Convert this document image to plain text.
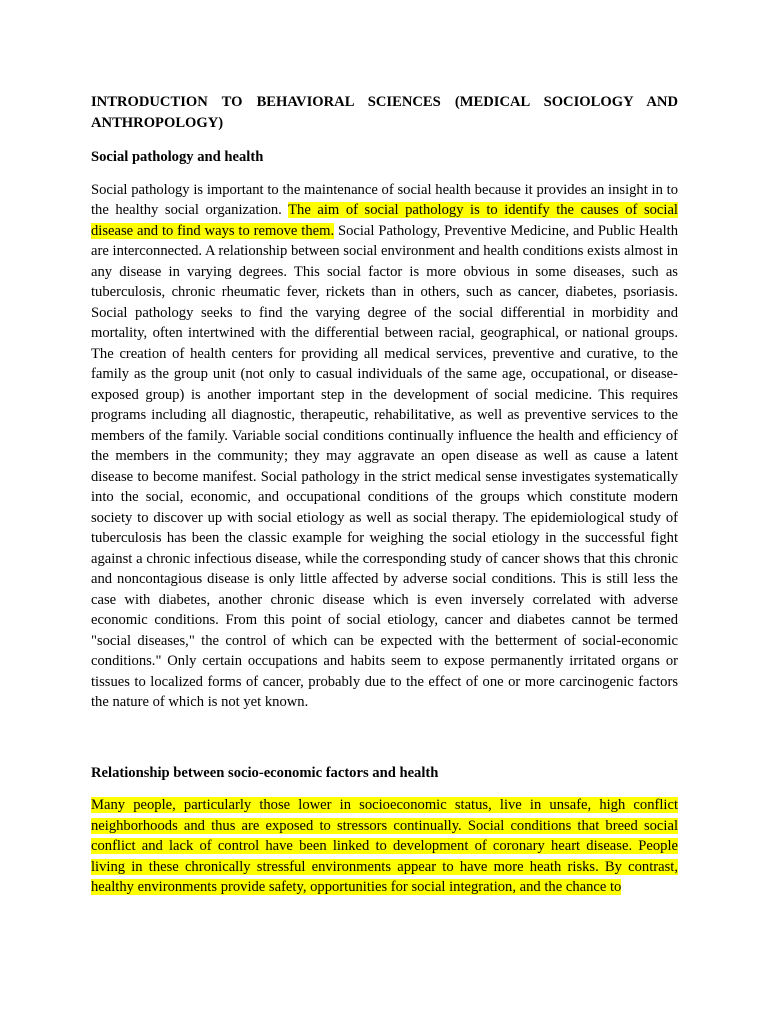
INTRODUCTION TO BEHAVIORAL SCIENCES (MEDICAL SOCIOLOGY AND ANTHROPOLOGY)

Social pathology and health

Social pathology is important to the maintenance of social health because it provides an insight in to the healthy social organization. The aim of social pathology is to identify the causes of social disease and to find ways to remove them. Social Pathology, Preventive Medicine, and Public Health are interconnected. A relationship between social environment and health conditions exists almost in any disease in varying degrees. This social factor is more obvious in some diseases, such as tuberculosis, chronic rheumatic fever, rickets than in others, such as cancer, diabetes, psoriasis. Social pathology seeks to find the varying degree of the social differential in morbidity and mortality, often intertwined with the differential between racial, geographical, or national groups. The creation of health centers for providing all medical services, preventive and curative, to the family as the group unit (not only to casual individuals of the same age, occupational, or disease-exposed group) is another important step in the development of social medicine. This requires programs including all diagnostic, therapeutic, rehabilitative, as well as preventive services to the members of the family. Variable social conditions continually influence the health and efficiency of the members in the community; they may aggravate an open disease as well as cause a latent disease to become manifest. Social pathology in the strict medical sense investigates systematically into the social, economic, and occupational conditions of the groups which constitute modern society to discover up with social etiology as well as social therapy. The epidemiological study of tuberculosis has been the classic example for weighing the social etiology in the successful fight against a chronic infectious disease, while the corresponding study of cancer shows that this chronic and noncontagious disease is only little affected by adverse social conditions. This is still less the case with diabetes, another chronic disease which is even inversely correlated with adverse economic conditions. From this point of social etiology, cancer and diabetes cannot be termed "social diseases," the control of which can be expected with the betterment of social-economic conditions." Only certain occupations and habits seem to expose permanently irritated organs or tissues to localized forms of cancer, probably due to the effect of one or more carcinogenic factors the nature of which is not yet known.

Relationship between socio-economic factors and health

Many people, particularly those lower in socioeconomic status, live in unsafe, high conflict neighborhoods and thus are exposed to stressors continually. Social conditions that breed social conflict and lack of control have been linked to development of coronary heart disease. People living in these chronically stressful environments appear to have more heath risks. By contrast, healthy environments provide safety, opportunities for social integration, and the chance to
